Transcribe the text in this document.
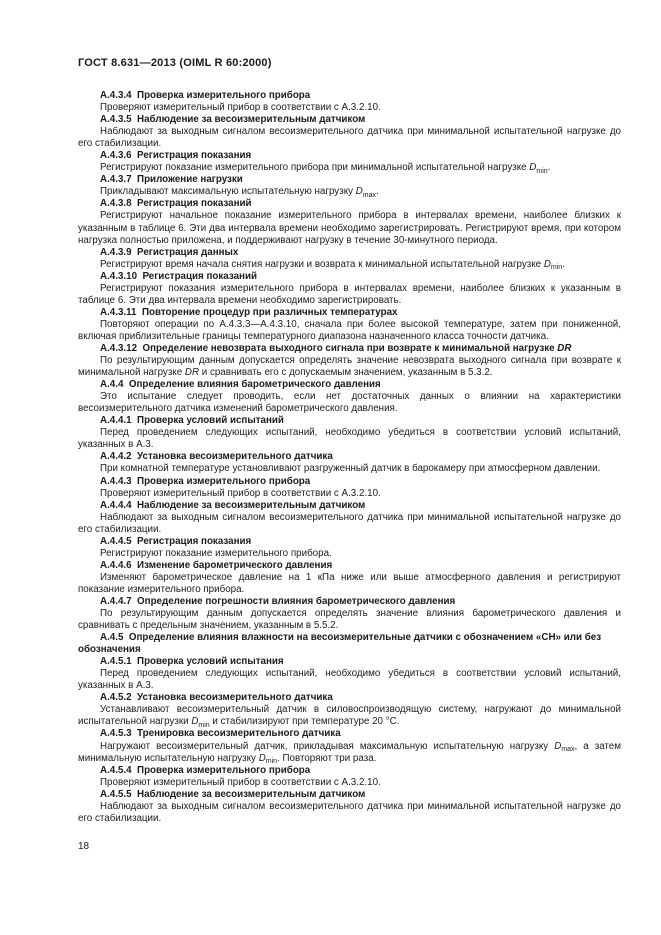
ГОСТ 8.631—2013 (OIML R 60:2000)

А.4.3.4  Проверка измерительного прибора

Проверяют измерительный прибор в соответствии с А.3.2.10.

А.4.3.5  Наблюдение за весоизмерительным датчиком

Наблюдают за выходным сигналом весоизмерительного датчика при минимальной испытательной нагрузке до его стабилизации.

А.4.3.6  Регистрация показания

Регистрируют показание измерительного прибора при минимальной испытательной нагрузке $D_{min}$.

А.4.3.7  Приложение нагрузки

Прикладывают максимальную испытательную нагрузку $D_{max}$.

А.4.3.8  Регистрация показаний

Регистрируют начальное показание измерительного прибора в интервалах времени, наиболее близких к указанным в таблице 6. Эти два интервала времени необходимо зарегистрировать. Регистрируют время, при котором нагрузка полностью приложена, и поддерживают нагрузку в течение 30-минутного периода.

А.4.3.9  Регистрация данных

Регистрируют время начала снятия нагрузки и возврата к минимальной испытательной нагрузке $D_{min}$.

А.4.3.10  Регистрация показаний

Регистрируют показания измерительного прибора в интервалах времени, наиболее близких к указанным в таблице 6. Эти два интервала времени необходимо зарегистрировать.

А.4.3.11  Повторение процедур при различных температурах

Повторяют операции по А.4.3.3—А.4.3.10, сначала при более высокой температуре, затем при пониженной, включая приблизительные границы температурного диапазона назначенного класса точности датчика.

А.4.3.12  Определение невозврата выходного сигнала при возврате к минимальной нагрузке DR

По результирующим данным допускается определять значение невозврата выходного сигнала при возврате к минимальной нагрузке DR и сравнивать его с допускаемым значением, указанным в 5.3.2.

А.4.4  Определение влияния барометрического давления

Это испытание следует проводить, если нет достаточных данных о влиянии на характеристики весоизмерительного датчика изменений барометрического давления.

А.4.4.1  Проверка условий испытаний

Перед проведением следующих испытаний, необходимо убедиться в соответствии условий испытаний, указанных в А.3.

А.4.4.2  Установка весоизмерительного датчика

При комнатной температуре установливают разгруженный датчик в барокамеру при атмосферном давлении.

А.4.4.3  Проверка измерительного прибора

Проверяют измерительный прибор в соответствии с А.3.2.10.

А.4.4.4  Наблюдение за весоизмерительным датчиком

Наблюдают за выходным сигналом весоизмерительного датчика при минимальной испытательной нагрузке до его стабилизации.

А.4.4.5  Регистрация показания

Регистрируют показание измерительного прибора.

А.4.4.6  Изменение барометрического давления

Изменяют барометрическое давление на 1 кПа ниже или выше атмосферного давления и регистрируют показание измерительного прибора.

А.4.4.7  Определение погрешности влияния барометрического давления

По результирующим данным допускается определять значение влияния барометрического давления и сравнивать с предельным значением, указанным в 5.5.2.

А.4.5  Определение влияния влажности на весоизмерительные датчики с обозначением «СН» или без обозначения

А.4.5.1  Проверка условий испытания

Перед проведением следующих испытаний, необходимо убедиться в соответствии условий испытаний, указанных в А.3.

А.4.5.2  Установка весоизмерительного датчика

Устанавливают весоизмерительный датчик в силовоспроизводящую систему, нагружают до минимальной испытательной нагрузки $D_{min}$ и стабилизируют при температуре 20 °С.

А.4.5.3  Тренировка весоизмерительного датчика

Нагружают весоизмерительный датчик, прикладывая максимальную испытательную нагрузку $D_{max}$, а затем минимальную испытательную нагрузку $D_{min}$. Повторяют три раза.

А.4.5.4  Проверка измерительного прибора

Проверяют измерительный прибор в соответствии с А.3.2.10.

А.4.5.5  Наблюдение за весоизмерительным датчиком

Наблюдают за выходным сигналом весоизмерительного датчика при минимальной испытательной нагрузке до его стабилизации.

18
